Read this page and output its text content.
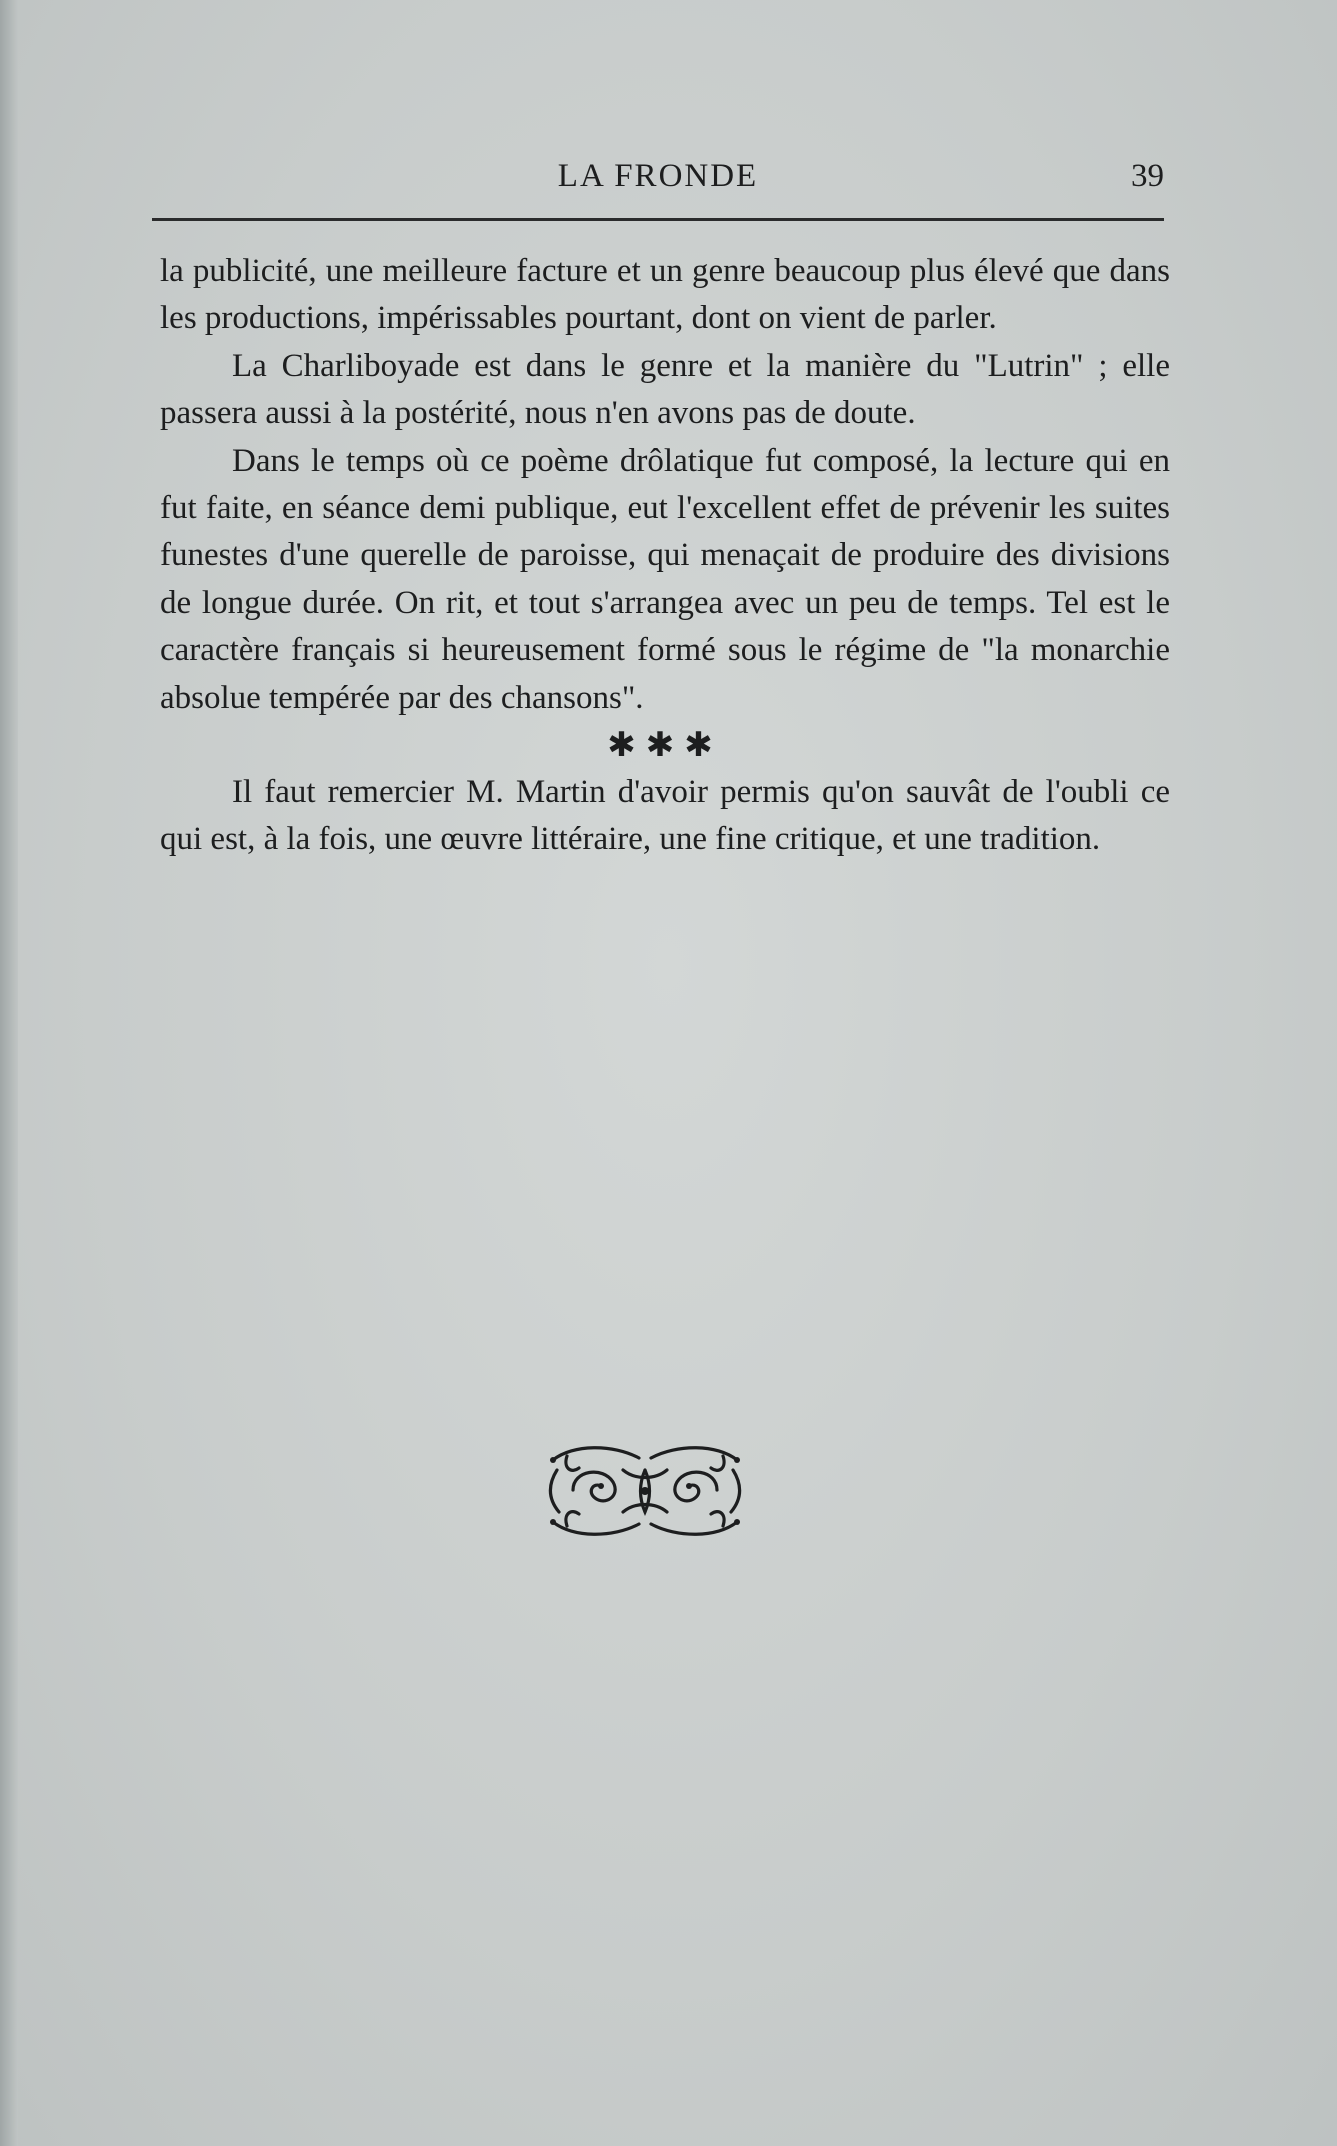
LA FRONDE	39

la publicité, une meilleure facture et un genre beaucoup plus élevé que dans les productions, impérissables pourtant, dont on vient de parler.

La Charliboyade est dans le genre et la manière du "Lutrin" ; elle passera aussi à la postérité, nous n'en avons pas de doute.

Dans le temps où ce poème drôlatique fut composé, la lecture qui en fut faite, en séance demi publique, eut l'excellent effet de prévenir les suites funestes d'une querelle de paroisse, qui menaçait de produire des divisions de longue durée. On rit, et tout s'arrangea avec un peu de temps. Tel est le caractère français si heureusement formé sous le régime de "la monarchie absolue tempérée par des chansons".

✱✱✱

Il faut remercier M. Martin d'avoir permis qu'on sauvât de l'oubli ce qui est, à la fois, une œuvre littéraire, une fine critique, et une tradition.
